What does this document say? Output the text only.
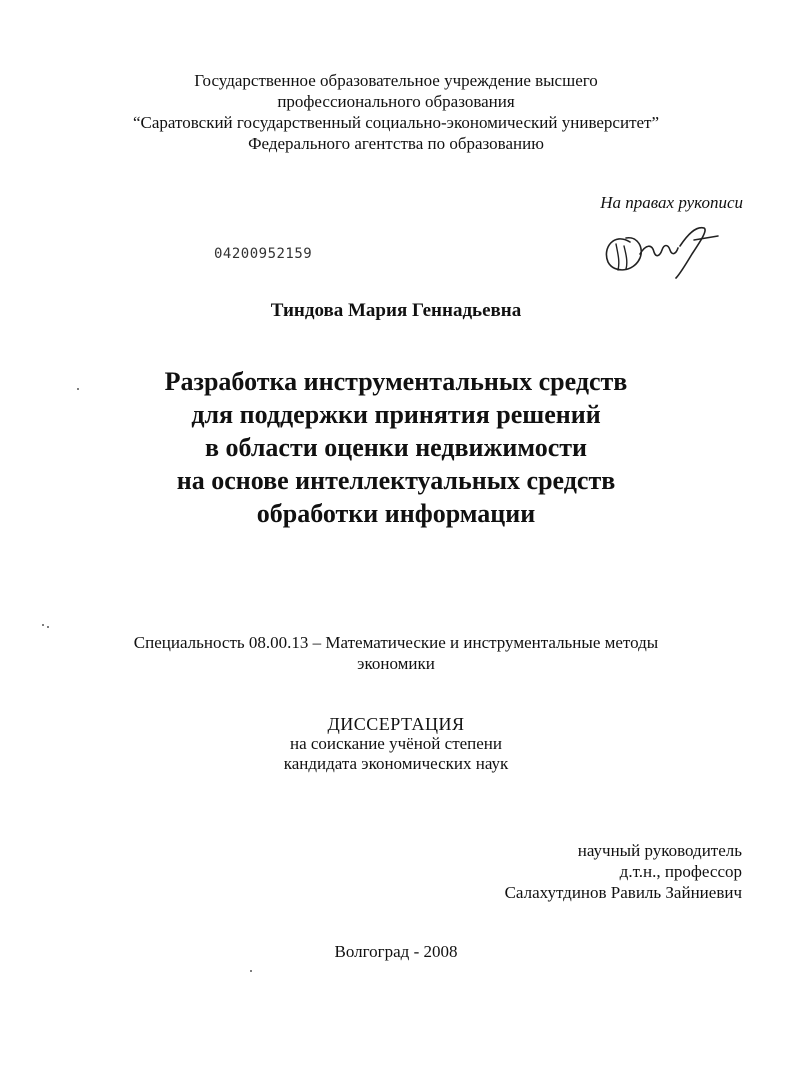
Государственное образовательное учреждение высшего
профессионального образования
“Саратовский государственный социально-экономический университет”
Федерального агентства по образованию
На правах рукописи
04200952159
Тиндова Мария Геннадьевна
Разработка инструментальных средств
для поддержки принятия решений
в области оценки недвижимости
на основе интеллектуальных средств
обработки информации
Специальность 08.00.13 – Математические и инструментальные методы
экономики
ДИССЕРТАЦИЯ
на соискание учёной степени
кандидата экономических наук
научный руководитель
д.т.н., профессор
Салахутдинов Равиль Зайниевич
Волгоград - 2008
